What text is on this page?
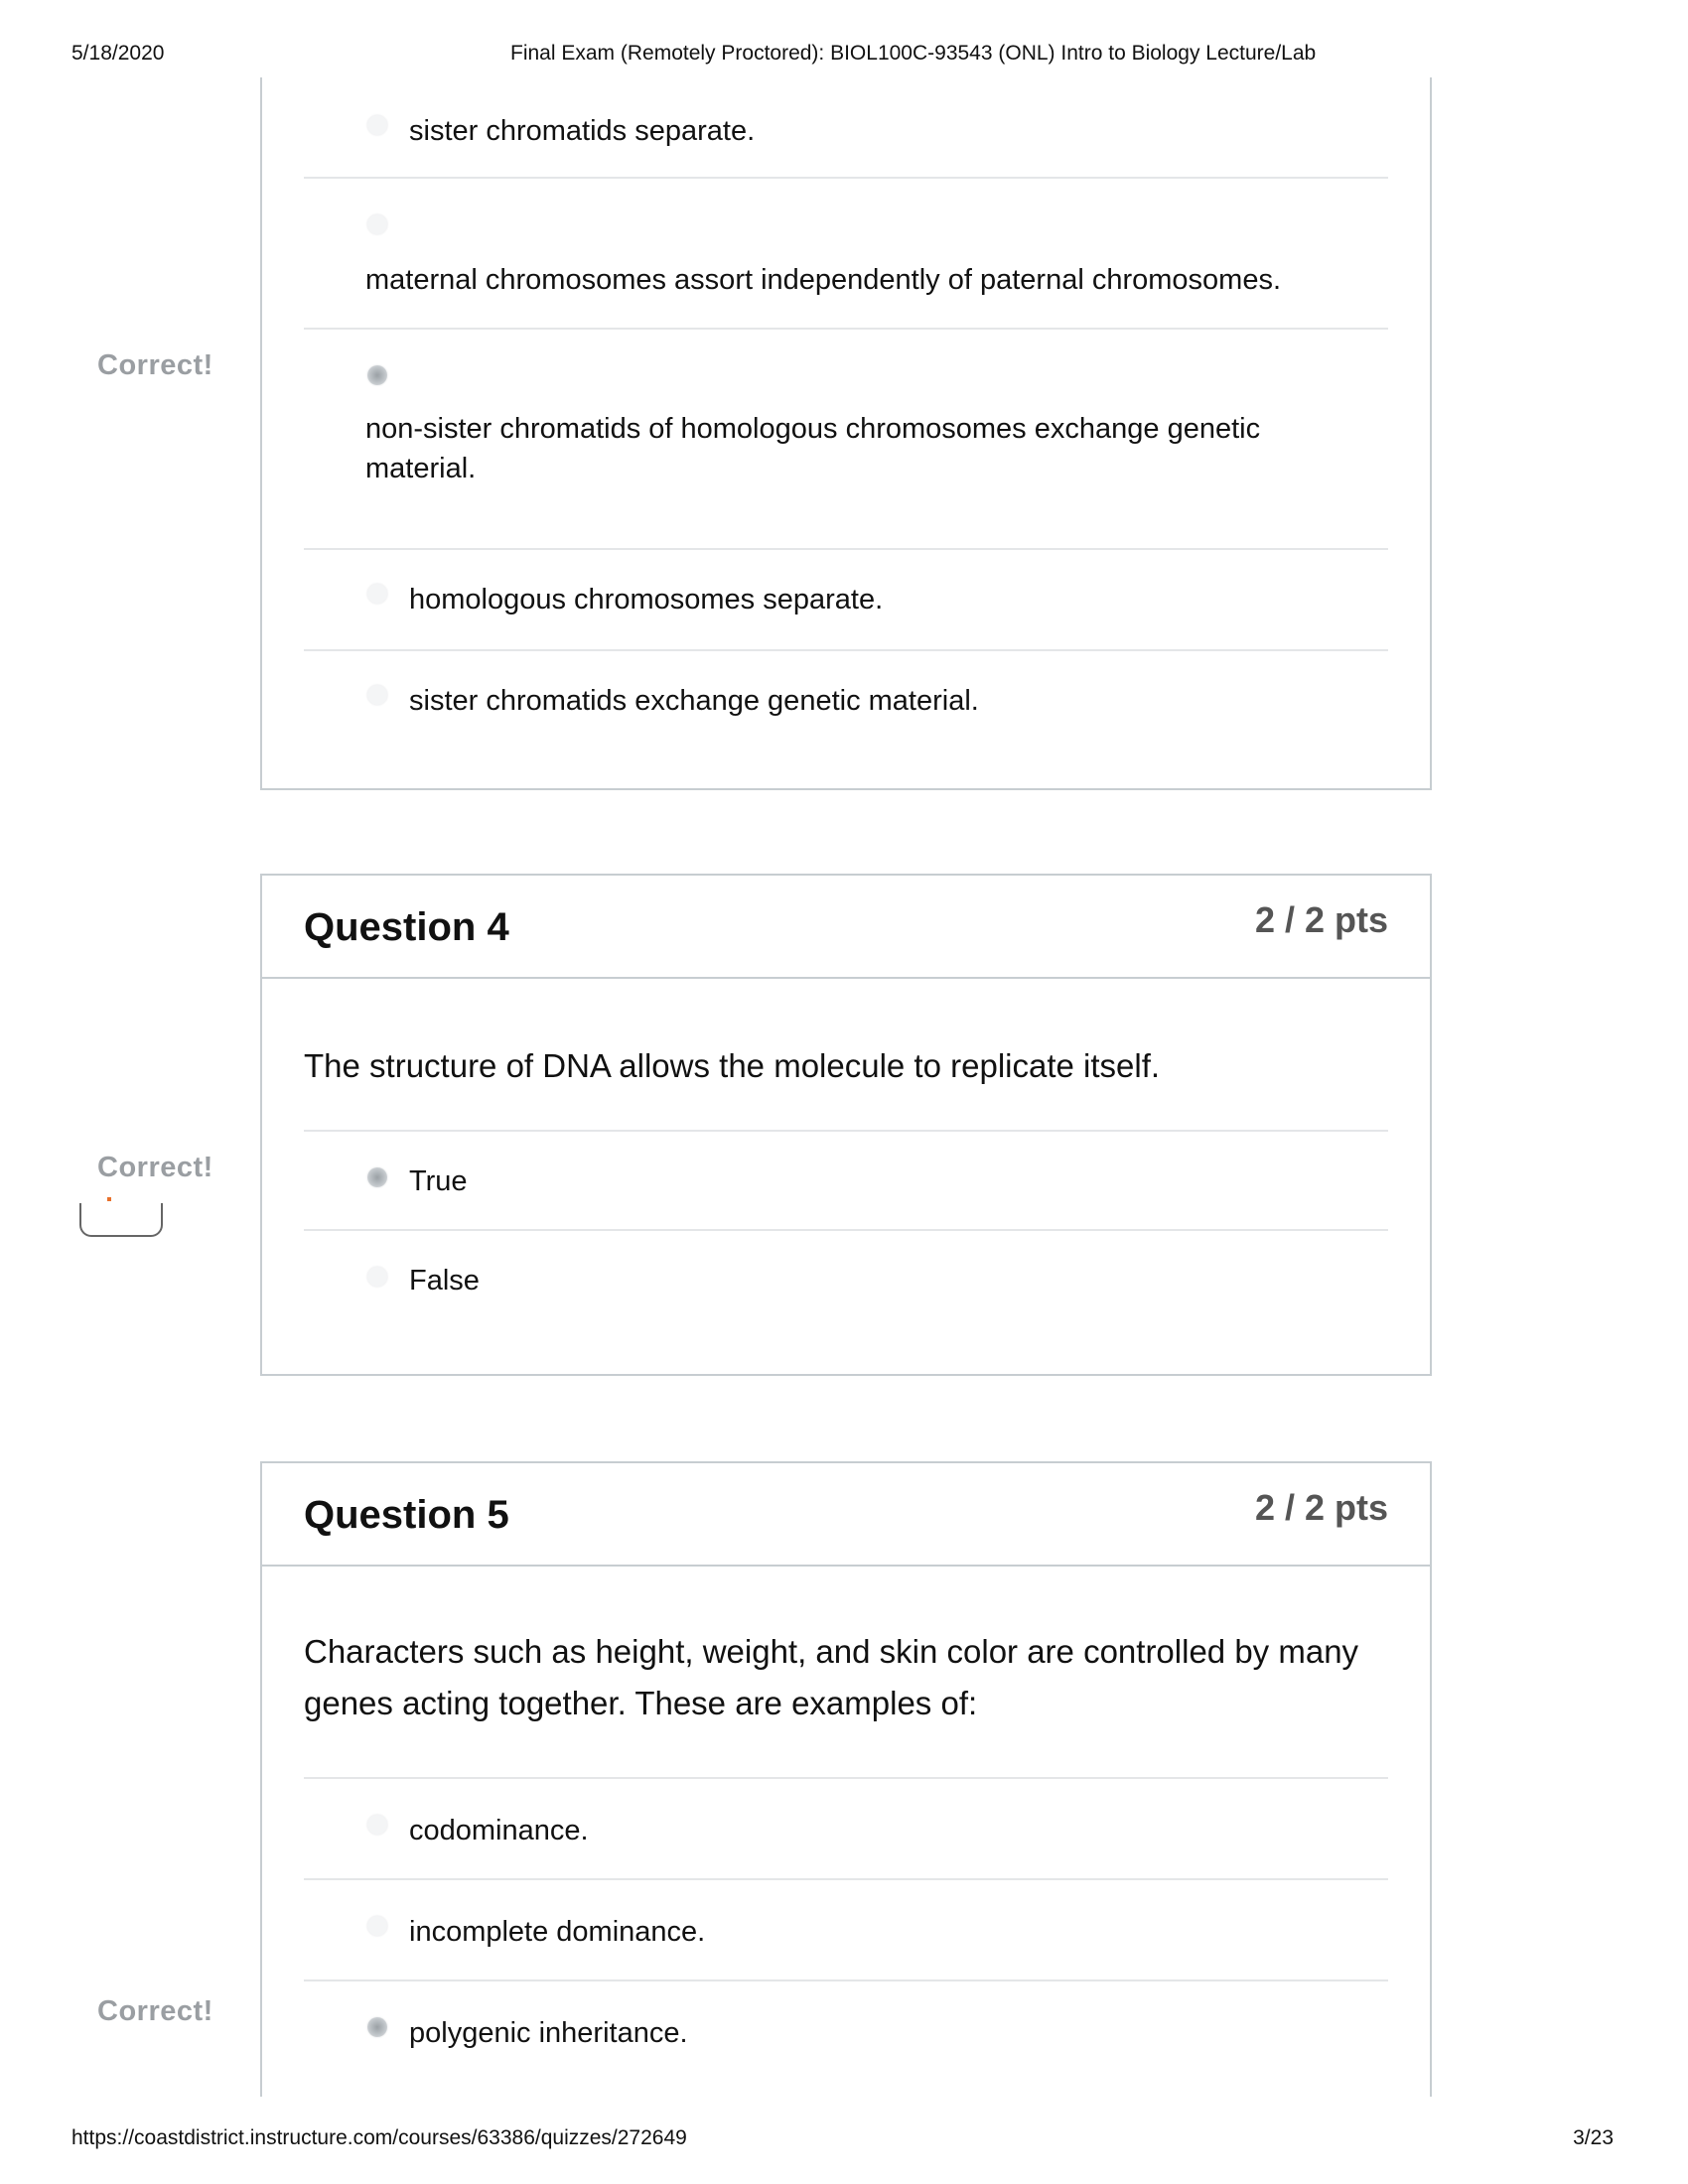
5/18/2020	Final Exam (Remotely Proctored): BIOL100C-93543 (ONL) Intro to Biology Lecture/Lab
sister chromatids separate.
maternal chromosomes assort independently of paternal chromosomes.
non-sister chromatids of homologous chromosomes exchange genetic material.
homologous chromosomes separate.
sister chromatids exchange genetic material.
Correct!
Question 4	2 / 2 pts
The structure of DNA allows the molecule to replicate itself.
True
False
Correct!
Question 5	2 / 2 pts
Characters such as height, weight, and skin color are controlled by many genes acting together. These are examples of:
codominance.
incomplete dominance.
polygenic inheritance.
Correct!
https://coastdistrict.instructure.com/courses/63386/quizzes/272649	3/23
